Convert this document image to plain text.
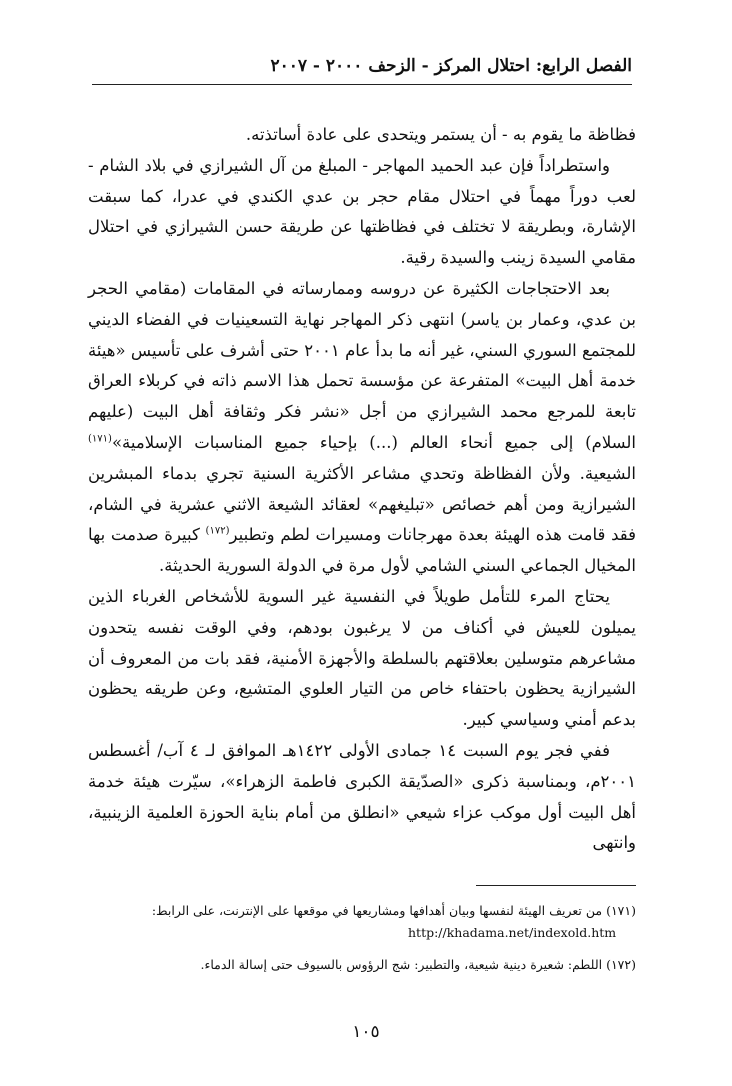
الفصل الرابع: احتلال المركز - الزحف ٢٠٠٠ - ٢٠٠٧

فظاظة ما يقوم به - أن يستمر ويتحدى على عادة أساتذته.

واستطراداً فإن عبد الحميد المهاجر - المبلغ من آل الشيرازي في بلاد الشام - لعب دوراً مهماً في احتلال مقام حجر بن عدي الكندي في عدرا، كما سبقت الإشارة، وبطريقة لا تختلف في فظاظتها عن طريقة حسن الشيرازي في احتلال مقامي السيدة زينب والسيدة رقية.

بعد الاحتجاجات الكثيرة عن دروسه وممارساته في المقامات (مقامي الحجر بن عدي، وعمار بن ياسر) انتهى ذكر المهاجر نهاية التسعينيات في الفضاء الديني للمجتمع السوري السني، غير أنه ما بدأ عام ٢٠٠١ حتى أشرف على تأسيس «هيئة خدمة أهل البيت» المتفرعة عن مؤسسة تحمل هذا الاسم ذاته في كربلاء العراق تابعة للمرجع محمد الشيرازي من أجل «نشر فكر وثقافة أهل البيت (عليهم السلام) إلى جميع أنحاء العالم (...) بإحياء جميع المناسبات الإسلامية»$^{(١٧١)}$ الشيعية. ولأن الفظاظة وتحدي مشاعر الأكثرية السنية تجري بدماء المبشرين الشيرازية ومن أهم خصائص «تبليغهم» لعقائد الشيعة الاثني عشرية في الشام، فقد قامت هذه الهيئة بعدة مهرجانات ومسيرات لطم وتطبير$^{(١٧٢)}$ كبيرة صدمت بها المخيال الجماعي السني الشامي لأول مرة في الدولة السورية الحديثة.

يحتاج المرء للتأمل طويلاً في النفسية غير السوية للأشخاص الغرباء الذين يميلون للعيش في أكناف من لا يرغبون بودهم، وفي الوقت نفسه يتحدون مشاعرهم متوسلين بعلاقتهم بالسلطة والأجهزة الأمنية، فقد بات من المعروف أن الشيرازية يحظون باحتفاء خاص من التيار العلوي المتشيع، وعن طريقه يحظون بدعم أمني وسياسي كبير.

ففي فجر يوم السبت ١٤ جمادى الأولى ١٤٢٢هـ الموافق لـ ٤ آب/ أغسطس ٢٠٠١م، وبمناسبة ذكرى «الصدّيقة الكبرى فاطمة الزهراء»، سيّرت هيئة خدمة أهل البيت أول موكب عزاء شيعي «انطلق من أمام بناية الحوزة العلمية الزينبية، وانتهى

(١٧١) من تعريف الهيئة لنفسها وبيان أهدافها ومشاريعها في موقعها على الإنترنت، على الرابط:
http://khadama.net/indexold.htm

(١٧٢) اللطم: شعيرة دينية شيعية، والتطبير: شج الرؤوس بالسيوف حتى إسالة الدماء.

١٠٥
